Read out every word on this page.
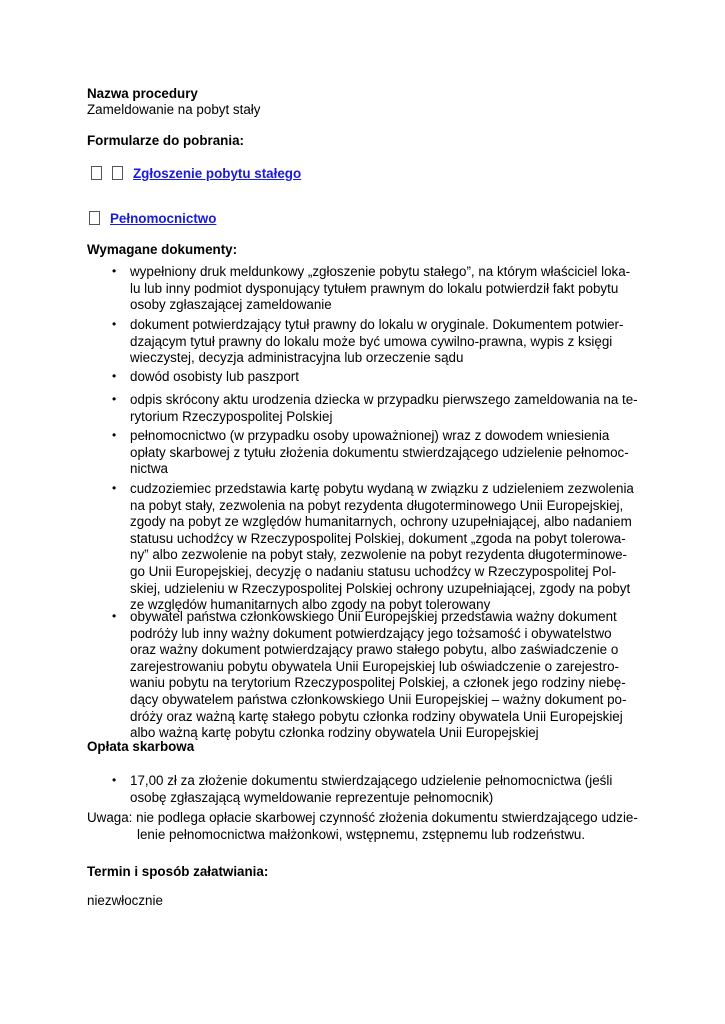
Nazwa procedury
Zameldowanie na pobyt stały
Formularze do pobrania:
Zgłoszenie pobytu stałego
Pełnomocnictwo
Wymagane dokumenty:
• wypełniony druk meldunkowy „zgłoszenie pobytu stałego”, na którym właściciel loka-
lu lub inny podmiot dysponujący tytułem prawnym do lokalu potwierdził fakt pobytu
osoby zgłaszającej zameldowanie
• dokument potwierdzający tytuł prawny do lokalu w oryginale. Dokumentem potwier-
dzającym tytuł prawny do lokalu może być umowa cywilno-prawna, wypis z księgi
wieczystej, decyzja administracyjna lub orzeczenie sądu
• dowód osobisty lub paszport
• odpis skrócony aktu urodzenia dziecka w przypadku pierwszego zameldowania na te-
rytorium Rzeczypospolitej Polskiej
• pełnomocnictwo (w przypadku osoby upoważnionej) wraz z dowodem wniesienia
opłaty skarbowej z tytułu złożenia dokumentu stwierdzającego udzielenie pełnomoc-
nictwa
• cudzoziemiec przedstawia kartę pobytu wydaną w związku z udzieleniem zezwolenia
na pobyt stały, zezwolenia na pobyt rezydenta długoterminowego Unii Europejskiej,
zgody na pobyt ze względów humanitarnych, ochrony uzupełniającej, albo nadaniem
statusu uchodźcy w Rzeczypospolitej Polskiej, dokument „zgoda na pobyt tolerowa-
ny” albo zezwolenie na pobyt stały, zezwolenie na pobyt rezydenta długoterminowe-
go Unii Europejskiej, decyzję o nadaniu statusu uchodźcy w Rzeczypospolitej Pol-
skiej, udzieleniu w Rzeczypospolitej Polskiej ochrony uzupełniającej, zgody na pobyt
ze względów humanitarnych albo zgody na pobyt tolerowany
• obywatel państwa członkowskiego Unii Europejskiej przedstawia ważny dokument
podróży lub inny ważny dokument potwierdzający jego tożsamość i obywatelstwo
oraz ważny dokument potwierdzający prawo stałego pobytu, albo zaświadczenie o
zarejestrowaniu pobytu obywatela Unii Europejskiej lub oświadczenie o zarejestro-
waniu pobytu na terytorium Rzeczypospolitej Polskiej, a członek jego rodziny niebę-
dący obywatelem państwa członkowskiego Unii Europejskiej – ważny dokument po-
dróży oraz ważną kartę stałego pobytu członka rodziny obywatela Unii Europejskiej
albo ważną kartę pobytu członka rodziny obywatela Unii Europejskiej
Opłata skarbowa
• 17,00 zł za złożenie dokumentu stwierdzającego udzielenie pełnomocnictwa (jeśli
osobę zgłaszającą wymeldowanie reprezentuje pełnomocnik)
Uwaga: nie podlega opłacie skarbowej czynność złożenia dokumentu stwierdzającego udzie-
lenie pełnomocnictwa małżonkowi, wstępnemu, zstępnemu lub rodzeństwu.
Termin i sposób załatwiania:
niezwłocznie
